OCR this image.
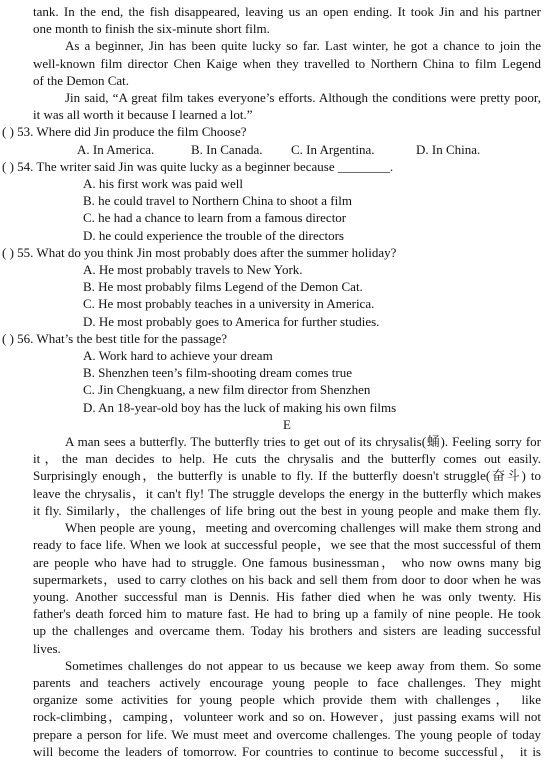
tank. In the end, the fish disappeared, leaving us an open ending. It took Jin and his partner
one month to finish the six-minute short film.
As a beginner, Jin has been quite lucky so far. Last winter, he got a chance to join the
well-known film director Chen Kaige when they travelled to Northern China to film Legend
of the Demon Cat.
Jin said, “A great film takes everyone’s efforts. Although the conditions were pretty poor,
it was all worth it because I learned a lot.”
( ) 53. Where did Jin produce the film Choose?
A. In America.	B. In Canada.	C. In Argentina.	D. In China.
( ) 54. The writer said Jin was quite lucky as a beginner because ________.
A. his first work was paid well
B. he could travel to Northern China to shoot a film
C. he had a chance to learn from a famous director
D. he could experience the trouble of the directors
( ) 55. What do you think Jin most probably does after the summer holiday?
A. He most probably travels to New York.
B. He most probably films Legend of the Demon Cat.
C. He most probably teaches in a university in America.
D. He most probably goes to America for further studies.
( ) 56. What’s the best title for the passage?
A. Work hard to achieve your dream
B. Shenzhen teen’s film-shooting dream comes true
C. Jin Chengkuang, a new film director from Shenzhen
D. An 18-year-old boy has the luck of making his own films
E
A man sees a butterfly. The butterfly tries to get out of its chrysalis(蛹). Feeling sorry for
it，the man decides to help. He cuts the chrysalis and the butterfly comes out easily.
Surprisingly enough，the butterfly is unable to fly. If the butterfly doesn't struggle(奋斗) to
leave the chrysalis，it can't fly! The struggle develops the energy in the butterfly which makes
it fly. Similarly，the challenges of life bring out the best in young people and make them fly.
When people are young，meeting and overcoming challenges will make them strong and
ready to face life. When we look at successful people，we see that the most successful of them
are people who have had to struggle. One famous businessman， who now owns many big
supermarkets，used to carry clothes on his back and sell them from door to door when he was
young. Another successful man is Dennis. His father died when he was only twenty. His
father's death forced him to mature fast. He had to bring up a family of nine people. He took
up the challenges and overcame them. Today his brothers and sisters are leading successful
lives.
Sometimes challenges do not appear to us because we keep away from them. So some
parents and teachers actively encourage young people to face challenges. They might
organize some activities for young people which provide them with challenges， like
rock-climbing，camping，volunteer work and so on. However，just passing exams will not
prepare a person for life. We must meet and overcome challenges. The young people of today
will become the leaders of tomorrow. For countries to continue to become successful， it is
